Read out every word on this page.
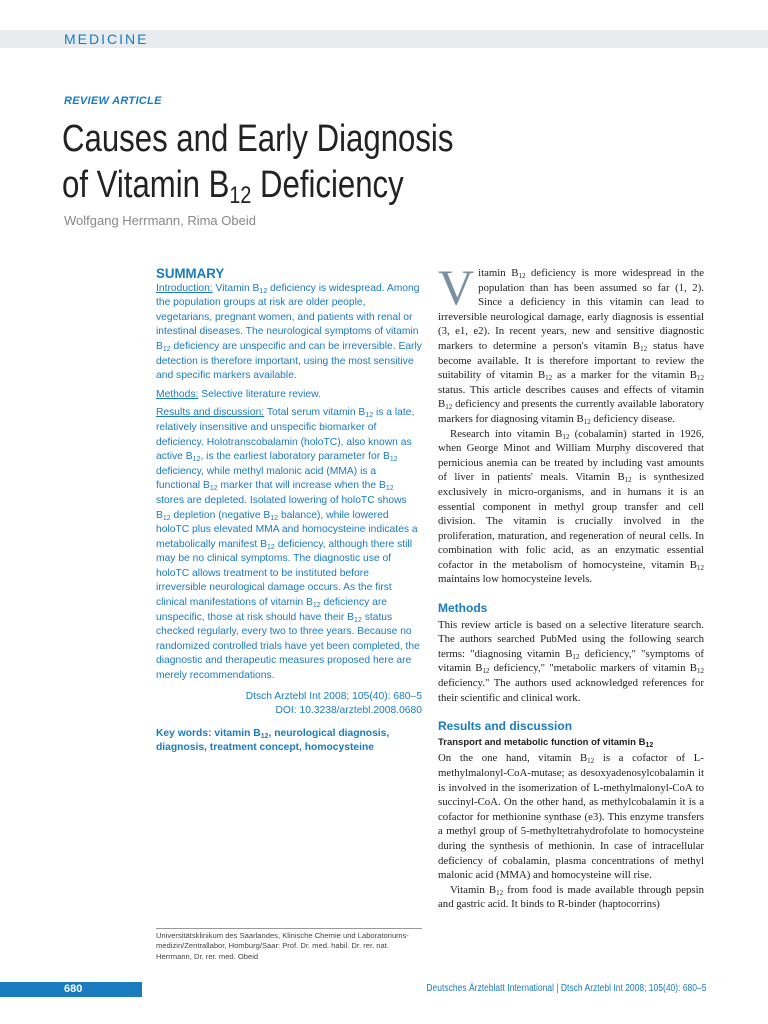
MEDICINE
REVIEW ARTICLE
Causes and Early Diagnosis
of Vitamin $B_{12}$ Deficiency
Wolfgang Herrmann, Rima Obeid
SUMMARY

Introduction: Vitamin $B_{12}$ deficiency is widespread. Among the population groups at risk are older people, vegetarians, pregnant women, and patients with renal or intestinal diseases. The neurological symptoms of vitamin $B_{12}$ deficiency are unspecific and can be irreversible. Early detection is therefore important, using the most sensitive and specific markers available.

Methods: Selective literature review.

Results and discussion: Total serum vitamin $B_{12}$ is a late, relatively insensitive and unspecific biomarker of deficiency. Holotranscobalamin (holoTC), also known as active $B_{12}$, is the earliest laboratory parameter for $B_{12}$ deficiency, while methyl malonic acid (MMA) is a functional $B_{12}$ marker that will increase when the $B_{12}$ stores are depleted. Isolated lowering of holoTC shows $B_{12}$ depletion (negative $B_{12}$ balance), while lowered holoTC plus elevated MMA and homocysteine indicates a metabolically manifest $B_{12}$ deficiency, although there still may be no clinical symptoms. The diagnostic use of holoTC allows treatment to be instituted before irreversible neurological damage occurs. As the first clinical manifestations of vitamin $B_{12}$ deficiency are unspecific, those at risk should have their $B_{12}$ status checked regularly, every two to three years. Because no randomized controlled trials have yet been completed, the diagnostic and therapeutic measures proposed here are merely recommendations.

Dtsch Arztebl Int 2008; 105(40): 680–5
DOI: 10.3238/arztebl.2008.0680

Key words: vitamin $B_{12}$, neurological diagnosis, diagnosis, treatment concept, homocysteine

Vitamin $B_{12}$ deficiency is more widespread in the population than has been assumed so far (1, 2). Since a deficiency in this vitamin can lead to irreversible neurological damage, early diagnosis is essential (3, e1, e2). In recent years, new and sensitive diagnostic markers to determine a person's vitamin $B_{12}$ status have become available. It is therefore important to review the suitability of vitamin $B_{12}$ as a marker for the vitamin $B_{12}$ status. This article describes causes and effects of vitamin $B_{12}$ deficiency and presents the currently available laboratory markers for diagnosing vitamin $B_{12}$ deficiency disease.

Research into vitamin $B_{12}$ (cobalamin) started in 1926, when George Minot and William Murphy discovered that pernicious anemia can be treated by including vast amounts of liver in patients' meals. Vitamin $B_{12}$ is synthesized exclusively in micro-organisms, and in humans it is an essential component in methyl group transfer and cell division. The vitamin is crucially involved in the proliferation, maturation, and regeneration of neural cells. In combination with folic acid, as an enzymatic essential cofactor in the metabolism of homocysteine, vitamin $B_{12}$ maintains low homocysteine levels.

Methods

This review article is based on a selective literature search. The authors searched PubMed using the following search terms: "diagnosing vitamin $B_{12}$ deficiency," "symptoms of vitamin $B_{12}$ deficiency," "metabolic markers of vitamin $B_{12}$ deficiency." The authors used acknowledged references for their scientific and clinical work.

Results and discussion
Transport and metabolic function of vitamin $B_{12}$

On the one hand, vitamin $B_{12}$ is a cofactor of L-methylmalonyl-CoA-mutase; as desoxyadenosylcobalamin it is involved in the isomerization of L-methylmalonyl-CoA to succinyl-CoA. On the other hand, as methylcobalamin it is a cofactor for methionine synthase (e3). This enzyme transfers a methyl group of 5-methyltetrahydrofolate to homocysteine during the synthesis of methionin. In case of intracellular deficiency of cobalamin, plasma concentrations of methyl malonic acid (MMA) and homocysteine will rise.

Vitamin $B_{12}$ from food is made available through pepsin and gastric acid. It binds to R-binder (haptocorrins)

Universitätsklinikum des Saarlandes, Klinische Chemie und Laboratoriums-medizin/Zentrallabor, Homburg/Saar: Prof. Dr. med. habil. Dr. rer. nat. Herrmann, Dr. rer. med. Obeid
680	Deutsches Ärzteblatt International | Dtsch Arztebl Int 2008; 105(40): 680–5
